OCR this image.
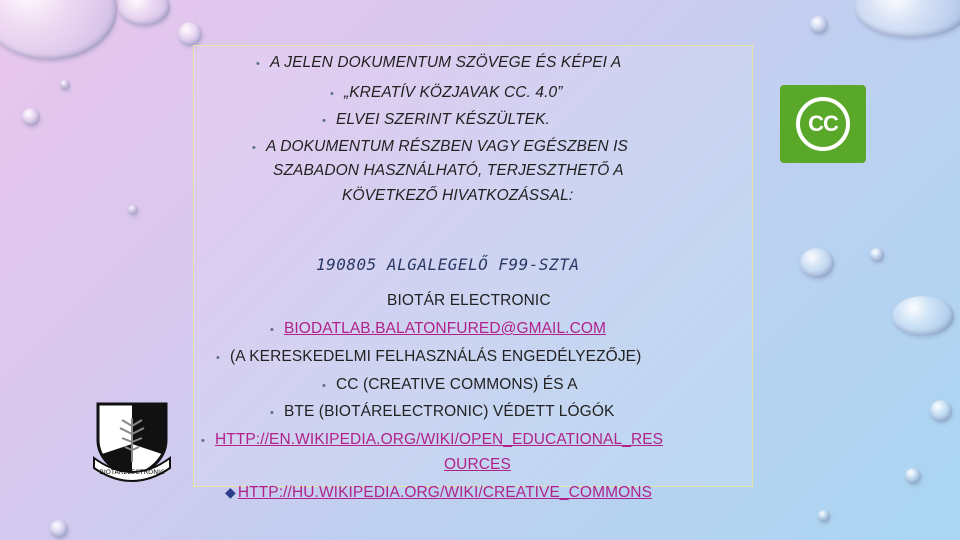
• A JELEN DOKUMENTUM SZÖVEGE ÉS KÉPEI A
• „KREATÍV KÖZJAVAK CC. 4.0”
• ELVEI SZERINT KÉSZÜLTEK.
• A DOKUMENTUM RÉSZBEN VAGY EGÉSZBEN IS
SZABADON HASZNÁLHATÓ, TERJESZTHETŐ A
KÖVETKEZŐ HIVATKOZÁSSAL:
190805 ALGALEGELŐ F99-SZTA
BIOTÁR ELECTRONIC
• BIODATLAB.BALATONFURED@GMAIL.COM
• (A KERESKEDELMI FELHASZNÁLÁS ENGEDÉLYEZŐJE)
• CC (CREATIVE COMMONS) ÉS A
• BTE (BIOTÁRELECTRONIC) VÉDETT LÓGÓK
• HTTP://EN.WIKIPEDIA.ORG/WIKI/OPEN_EDUCATIONAL_RES
OURCES
◆ HTTP://HU.WIKIPEDIA.ORG/WIKI/CREATIVE_COMMONS
CC
BIOTÁRELECTRONIC
